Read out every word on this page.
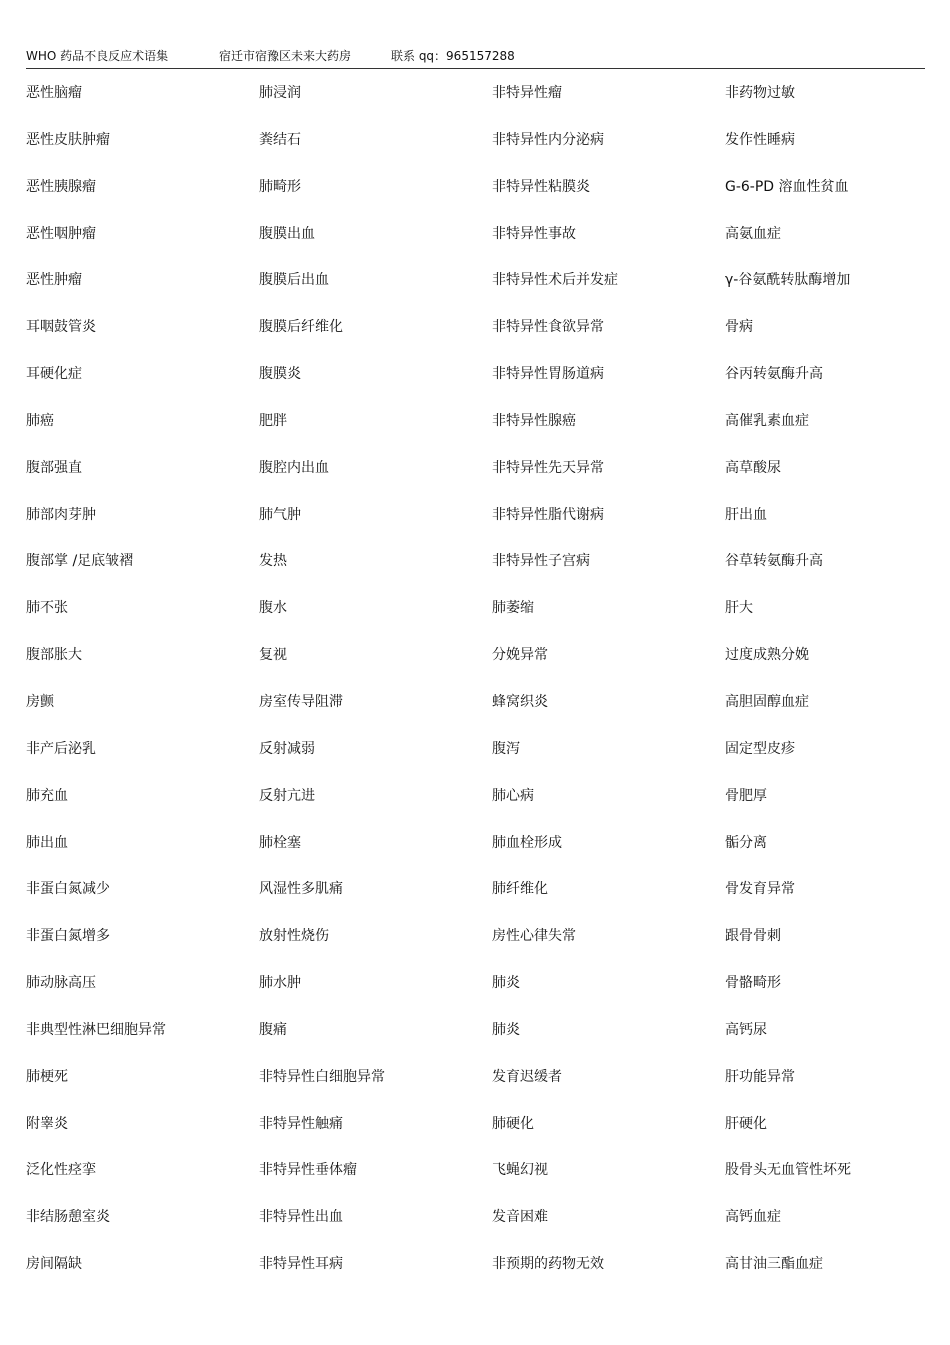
WHO 药品不良反应术语集	宿迁市宿豫区未来大药房	联系 qq：965157288
恶性脑瘤	肺浸润	非特异性瘤	非药物过敏
恶性皮肤肿瘤	粪结石	非特异性内分泌病	发作性睡病
恶性胰腺瘤	肺畸形	非特异性粘膜炎	G-6-PD 溶血性贫血
恶性咽肿瘤	腹膜出血	非特异性事故	高氨血症
恶性肿瘤	腹膜后出血	非特异性术后并发症	γ-谷氨酰转肽酶增加
耳咽鼓管炎	腹膜后纤维化	非特异性食欲异常	骨病
耳硬化症	腹膜炎	非特异性胃肠道病	谷丙转氨酶升高
肺癌	肥胖	非特异性腺癌	高催乳素血症
腹部强直	腹腔内出血	非特异性先天异常	高草酸尿
肺部肉芽肿	肺气肿	非特异性脂代谢病	肝出血
腹部掌 /足底皱褶	发热	非特异性子宫病	谷草转氨酶升高
肺不张	腹水	肺萎缩	肝大
腹部胀大	复视	分娩异常	过度成熟分娩
房颤	房室传导阻滞	蜂窝织炎	高胆固醇血症
非产后泌乳	反射减弱	腹泻	固定型皮疹
肺充血	反射亢进	肺心病	骨肥厚
肺出血	肺栓塞	肺血栓形成	骺分离
非蛋白氮减少	风湿性多肌痛	肺纤维化	骨发育异常
非蛋白氮增多	放射性烧伤	房性心律失常	跟骨骨刺
肺动脉高压	肺水肿	肺炎	骨骼畸形
非典型性淋巴细胞异常	腹痛	肺炎	高钙尿
肺梗死	非特异性白细胞异常	发育迟缓者	肝功能异常
附睾炎	非特异性触痛	肺硬化	肝硬化
泛化性痉挛	非特异性垂体瘤	飞蝇幻视	股骨头无血管性坏死
非结肠憩室炎	非特异性出血	发音困难	高钙血症
房间隔缺	非特异性耳病	非预期的药物无效	高甘油三酯血症
